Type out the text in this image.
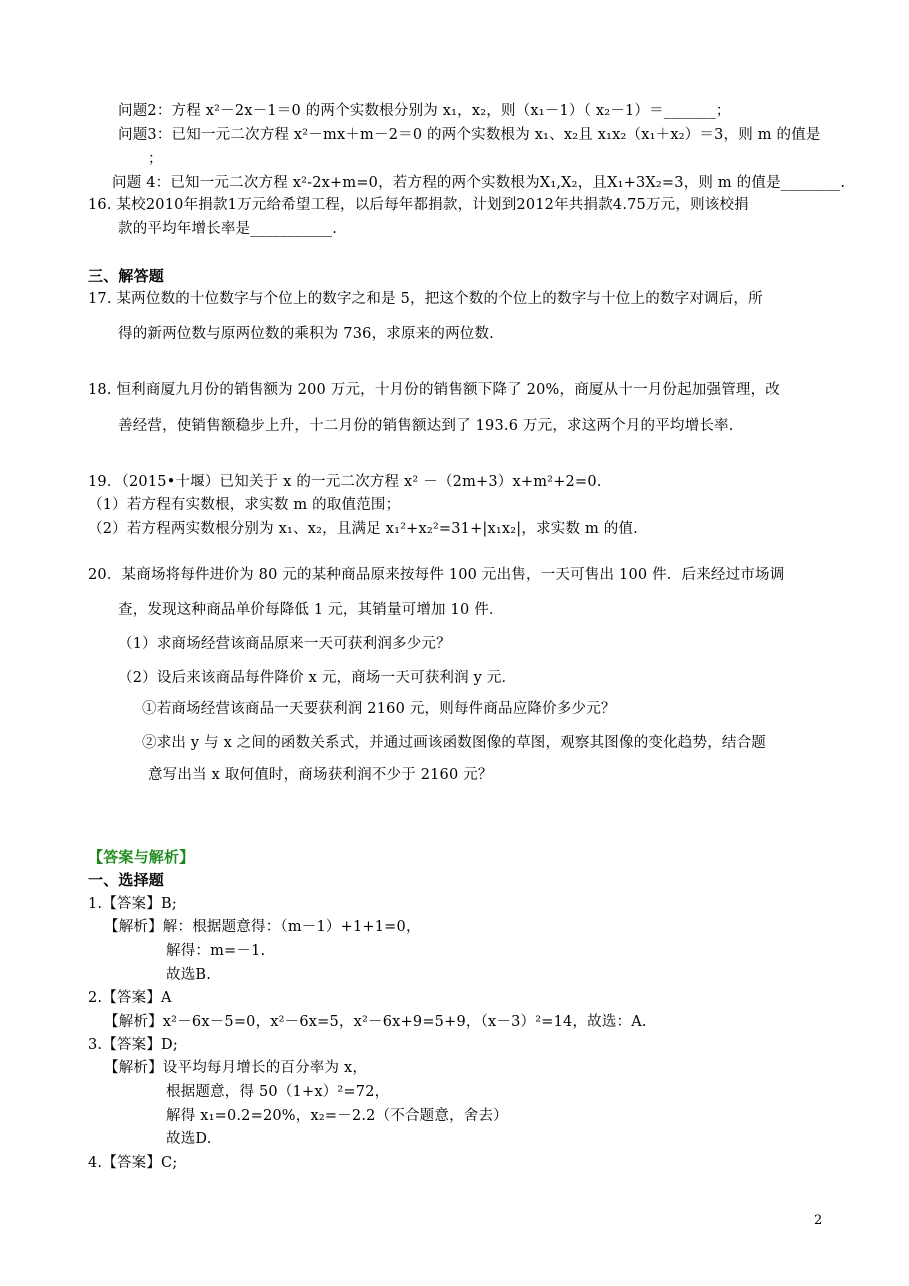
问题2：方程 x²－2x－1＝0 的两个实数根分别为 x₁，x₂，则（x₁－1）（ x₂－1）＝_______；
问题3：已知一元二次方程 x²－mx＋m－2＝0 的两个实数根为 x₁、x₂且 x₁x₂（x₁＋x₂）＝3，则 m 的值是
；
问题 4：已知一元二次方程 x²-2x+m=0，若方程的两个实数根为X₁,X₂，且X₁+3X₂=3，则 m 的值是________.
16. 某校2010年捐款1万元给希望工程，以后每年都捐款，计划到2012年共捐款4.75万元，则该校捐
款的平均年增长率是___________.
三、解答题
17. 某两位数的十位数字与个位上的数字之和是 5，把这个数的个位上的数字与十位上的数字对调后，所
得的新两位数与原两位数的乘积为 736，求原来的两位数.
18. 恒利商厦九月份的销售额为 200 万元，十月份的销售额下降了 20%，商厦从十一月份起加强管理，改
善经营，使销售额稳步上升，十二月份的销售额达到了 193.6 万元，求这两个月的平均增长率.
19．（2015•十堰）已知关于 x 的一元二次方程 x² －（2m+3）x+m²+2=0.
（1）若方程有实数根，求实数 m 的取值范围；
（2）若方程两实数根分别为 x₁、x₂，且满足 x₁²+x₂²=31+|x₁x₂|，求实数 m 的值.
20．某商场将每件进价为 80 元的某种商品原来按每件 100 元出售，一天可售出 100 件．后来经过市场调
查，发现这种商品单价每降低 1 元，其销量可增加 10 件．
（1）求商场经营该商品原来一天可获利润多少元？
（2）设后来该商品每件降价 x 元，商场一天可获利润 y 元．
①若商场经营该商品一天要获利润 2160 元，则每件商品应降价多少元？
②求出 y 与 x 之间的函数关系式，并通过画该函数图像的草图，观察其图像的变化趋势，结合题
意写出当 x 取何值时，商场获利润不少于 2160 元？
【答案与解析】
一、选择题
1.【答案】B;
【解析】解：根据题意得：（m－1）+1+1=0，
解得：m=－1.
故选B.
2.【答案】A
【解析】x²－6x－5=0，x²－6x=5，x²－6x+9=5+9，（x－3）²=14，故选：A.
3.【答案】D;
【解析】设平均每月增长的百分率为 x，
根据题意，得 50（1+x）²=72，
解得 x₁=0.2=20%，x₂=－2.2（不合题意，舍去）
故选D.
4.【答案】C;
2
